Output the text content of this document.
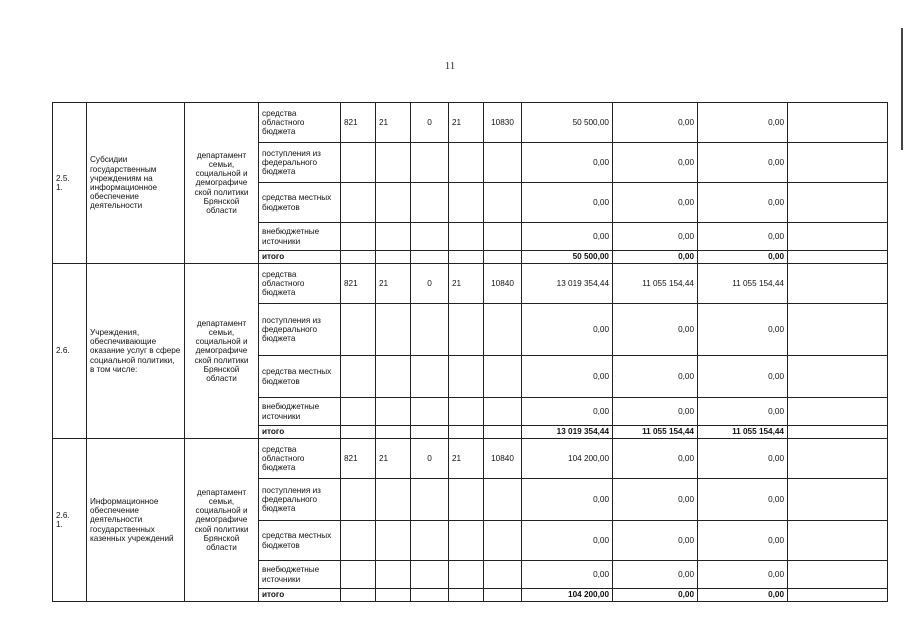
11
2.5.
1.	Субсидии государственным учреждениям на информационное обеспечение деятельности	департамент семьи, социальной и демографиче ской политики Брянской области	средства областного бюджета	821	21	0	21	10830	50 500,00	0,00	0,00	
			поступления из федерального бюджета						0,00	0,00	0,00	
			средства местных бюджетов						0,00	0,00	0,00	
			внебюджетные источники						0,00	0,00	0,00	
			итого						50 500,00	0,00	0,00	
2.6.	Учреждения, обеспечивающие оказание услуг в сфере социальной политики, в том числе:	департамент семьи, социальной и демографиче ской политики Брянской области	средства областного бюджета	821	21	0	21	10840	13 019 354,44	11 055 154,44	11 055 154,44	
			поступления из федерального бюджета						0,00	0,00	0,00	
			средства местных бюджетов						0,00	0,00	0,00	
			внебюджетные источники						0,00	0,00	0,00	
			итого						13 019 354,44	11 055 154,44	11 055 154,44	
2.6.
1.	Информационное обеспечение деятельности государственных казенных учреждений	департамент семьи, социальной и демографиче ской политики Брянской области	средства областного бюджета	821	21	0	21	10840	104 200,00	0,00	0,00	
			поступления из федерального бюджета						0,00	0,00	0,00	
			средства местных бюджетов						0,00	0,00	0,00	
			внебюджетные источники						0,00	0,00	0,00	
			итого						104 200,00	0,00	0,00	
